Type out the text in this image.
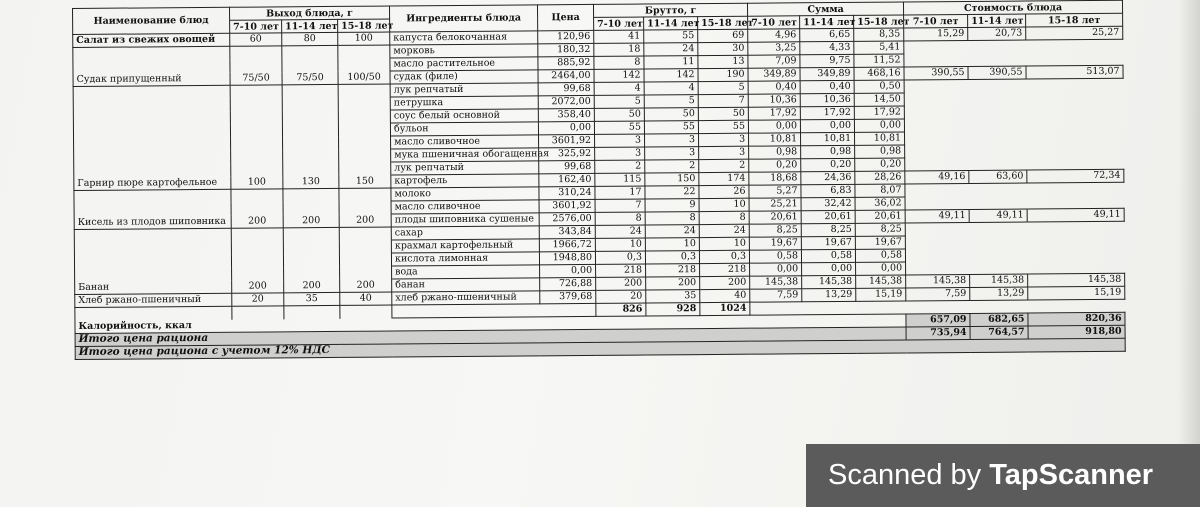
Наименование блюд	Выход блюда, г			Ингредиенты блюда	Цена	Брутто, г			Сумма			Стоимость блюда		
	7-10 лет	11-14 лет	15-18 лет			7-10 лет	11-14 лет	15-18 лет	7-10 лет	11-14 лет	15-18 лет	7-10 лет	11-14 лет	15-18 лет
Салат из свежих овощей	60	80	100	капуста белокочанная	120,96	41	55	69	4,96	6,65	8,35	15,29	20,73	25,27
				морковь	180,32	18	24	30	3,25	4,33	5,41			
				масло растительное	885,92	8	11	13	7,09	9,75	11,52			
Судак припущенный	75/50	75/50	100/50	судак (филе)	2464,00	142	142	190	349,89	349,89	468,16	390,55	390,55	513,07
				лук репчатый	99,68	4	4	5	0,40	0,40	0,50			
				петрушка	2072,00	5	5	7	10,36	10,36	14,50			
				соус белый основной	358,40	50	50	50	17,92	17,92	17,92			
				бульон	0,00	55	55	55	0,00	0,00	0,00			
				масло сливочное	3601,92	3	3	3	10,81	10,81	10,81			
				мука пшеничная обогащенная	325,92	3	3	3	0,98	0,98	0,98			
				лук репчатый	99,68	2	2	2	0,20	0,20	0,20			
Гарнир пюре картофельное	100	130	150	картофель	162,40	115	150	174	18,68	24,36	28,26	49,16	63,60	72,34
				молоко	310,24	17	22	26	5,27	6,83	8,07			
				масло сливочное	3601,92	7	9	10	25,21	32,42	36,02			
Кисель из плодов шиповника	200	200	200	плоды шиповника сушеные	2576,00	8	8	8	20,61	20,61	20,61	49,11	49,11	49,11
				сахар	343,84	24	24	24	8,25	8,25	8,25			
				крахмал картофельный	1966,72	10	10	10	19,67	19,67	19,67			
				кислота лимонная	1948,80	0,3	0,3	0,3	0,58	0,58	0,58			
				вода	0,00	218	218	218	0,00	0,00	0,00			
Банан	200	200	200	банан	726,88	200	200	200	145,38	145,38	145,38	145,38	145,38	145,38
Хлеб ржано-пшеничный	20	35	40	хлеб ржано-пшеничный	379,68	20	35	40	7,59	13,29	15,19	7,59	13,29	15,19
						826	928	1024						
Калорийность, ккал												657,09	682,65	820,36
Итого цена рациона												735,94	764,57	918,80
Итого цена рациона с учетом 12% НДС														
Scanned by TapScanner
